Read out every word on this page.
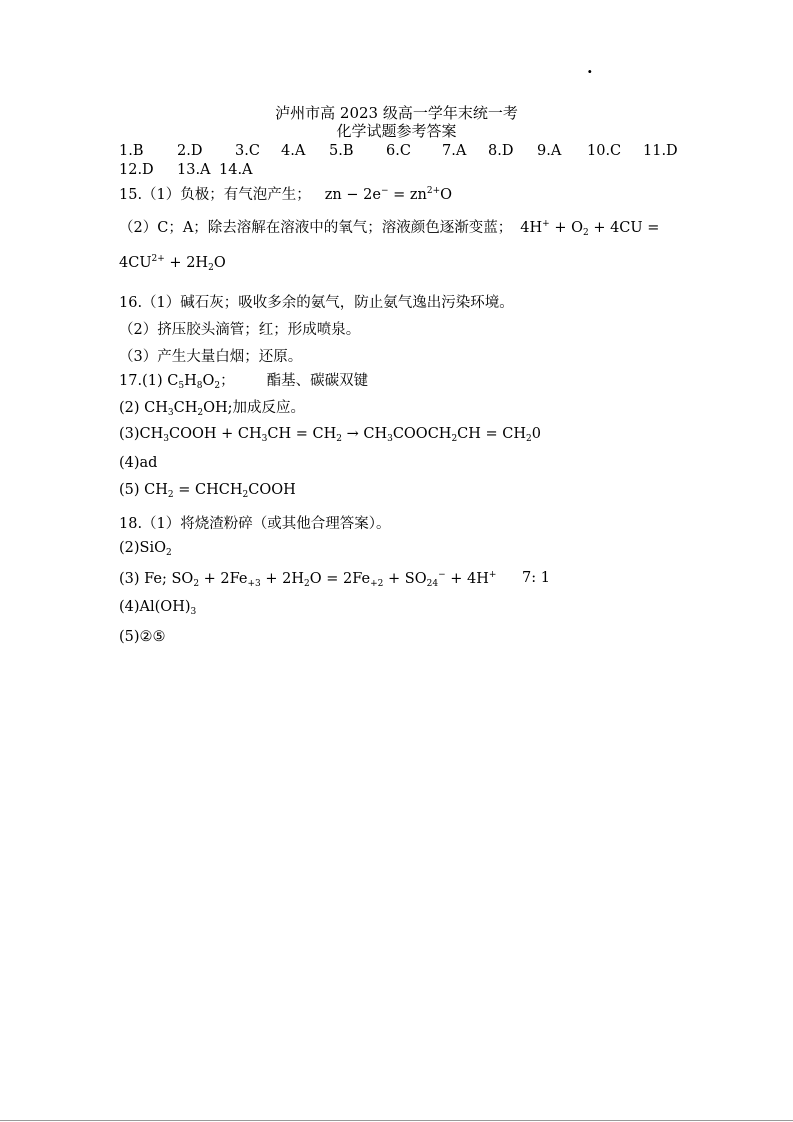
.
泸州市高 2023 级高一学年末统一考
化学试题参考答案
1.B 2.D 3.C 4.A 5.B 6.C 7.A 8.D 9.A 10.C 11.D
12.D 13.A 14.A
15.（1）负极；有气泡产生； zn − $2e^- = zn^{2+}O$
（2）C；A；除去溶解在溶液中的氧气；溶液颜色逐渐变蓝； $4H^+ + O_2 + 4CU$ =
$4CU^{2+} + 2H_2O$
16.（1）碱石灰；吸收多余的氨气，防止氨气逸出污染环境。
（2）挤压胶头滴管；红；形成喷泉。
（3）产生大量白烟；还原。
17.(1) $C_5H_8O_2$； 酯基、碳碳双键
(2) $CH_3CH_2OH$;加成反应。
$(3)CH_3COOH + CH_3CH = CH_2$ → $CH_3COOCH_2CH = CH_20$
(4)ad
(5) $CH_2$ = $CHCH_2COOH$
18.（1）将烧渣粉碎（或其他合理答案）。
(2)SiO$_2$
(3) Fe; $SO_2 + 2Fe_{+3} + 2H_2O = 2Fe_{+2} + SO_{24}^- + 4H^+$ 7: 1
$(4)Al(OH)_3$
(5)②⑤
